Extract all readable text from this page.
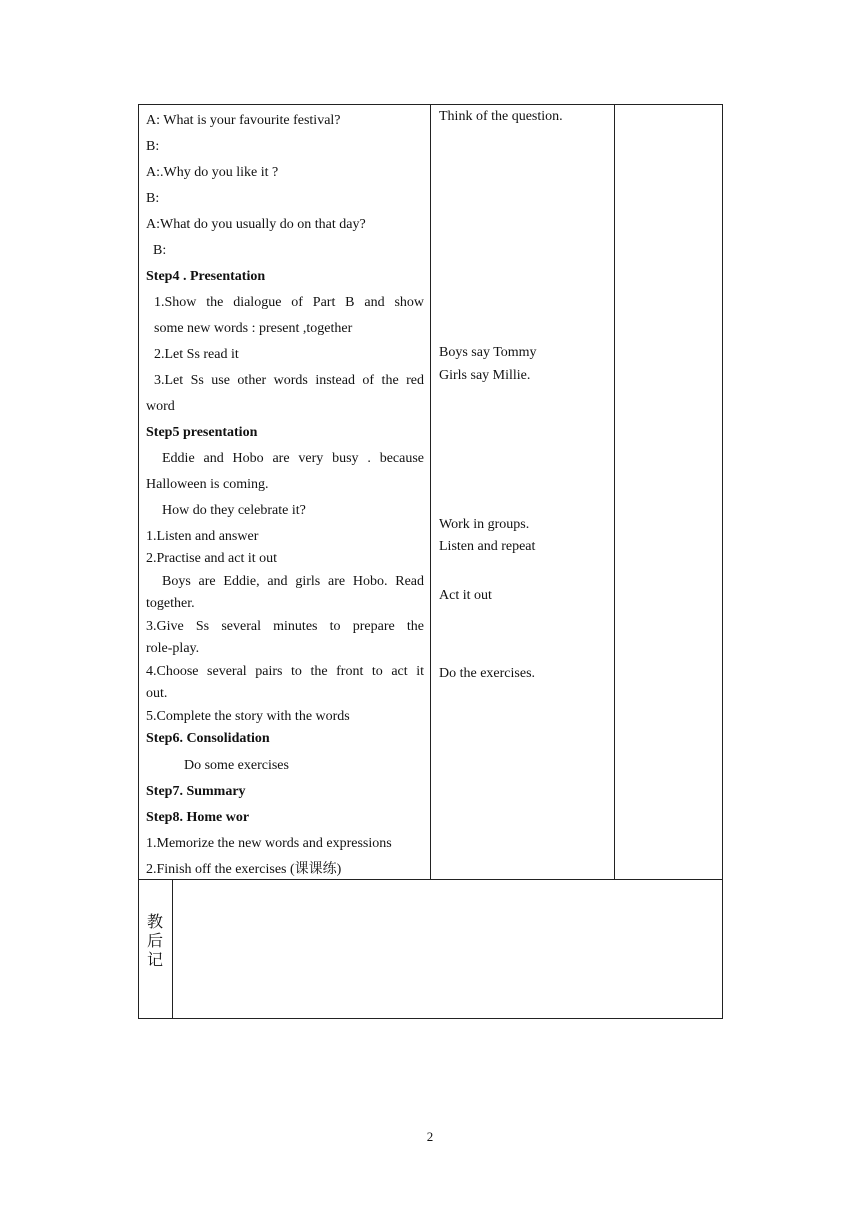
A: What is your favourite festival?
B:
A:.Why do you like it ?
B:
A:What do you usually do on that day?
B:
Step4 . Presentation
1.Show the dialogue of Part B and show
some new words : present ,together
2.Let Ss read it
3.Let Ss use other words instead of the red
word
Step5 presentation
Eddie and Hobo are very busy . because
Halloween is coming.
How do they celebrate it?
1.Listen and answer
2.Practise and act it out
Boys are Eddie, and girls are Hobo. Read
together.
3.Give Ss several minutes to prepare the
role-play.
4.Choose several pairs to the front to act it
out.
5.Complete the story with the words
Step6. Consolidation
Do some exercises
Step7. Summary
Step8. Home wor
1.Memorize the new words and expressions
2.Finish off the exercises (课课练)
Think of the question.
Boys say Tommy
Girls say Millie.
Work in groups.
Listen and repeat
Act it out
Do the exercises.
教
后
记
2
